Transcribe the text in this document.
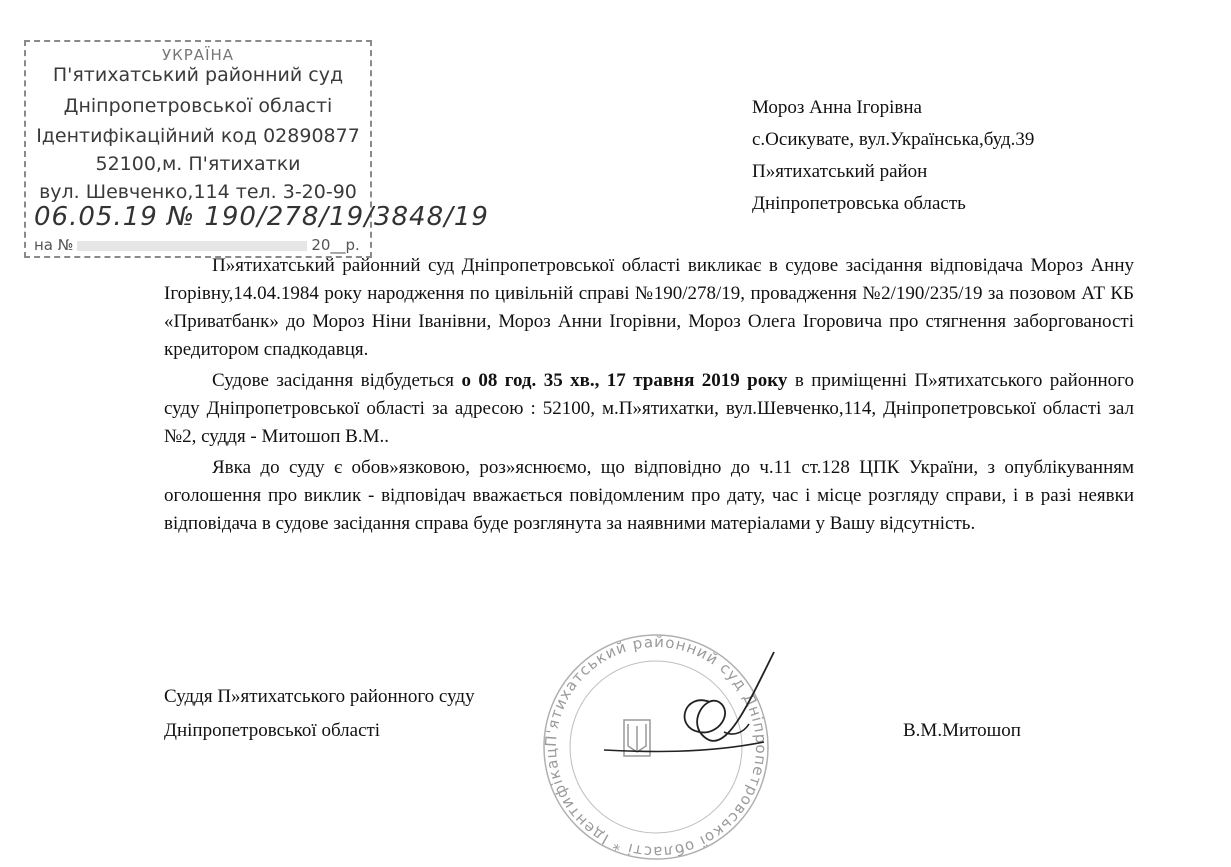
УКРАЇНА
П'ятихатський районний суд
Дніпропетровської області
Ідентифікаційний код 02890877
52100,м. П'ятихатки
вул. Шевченко,114 тел. 3-20-90
06.05.19 № 190/278/19/3848/19
на №	20__р.
Мороз Анна Ігорівна
с.Осикувате, вул.Українська,буд.39
П»ятихатський район
Дніпропетровська область

П»ятихатський районний суд Дніпропетровської області викликає в судове засідання відповідача Мороз Анну Ігорівну,14.04.1984 року народження по цивільній справі №190/278/19, провадження №2/190/235/19 за позовом АТ КБ «Приватбанк» до Мороз Ніни Іванівни, Мороз Анни Ігорівни, Мороз Олега Ігоровича про стягнення заборгованості кредитором спадкодавця.

Судове засідання відбудеться о 08 год. 35 хв., 17 травня 2019 року в приміщенні П»ятихатського районного суду Дніпропетровської області за адресою : 52100, м.П»ятихатки, вул.Шевченко,114, Дніпропетровської області зал №2, суддя - Митошоп В.М..

Явка до суду є обов»язковою, роз»яснюємо, що відповідно до ч.11 ст.128 ЦПК України, з опублікуванням оголошення про виклик - відповідач вважається повідомленим про дату, час і місце розгляду справи, і в разі неявки відповідача в судове засідання справа буде розглянута за наявними матеріалами у Вашу відсутність.

П'ятихатський районний суд Дніпропетровської області * Ідентифікац
Суддя П»ятихатського районного суду
Дніпропетровської області	В.М.Митошоп
